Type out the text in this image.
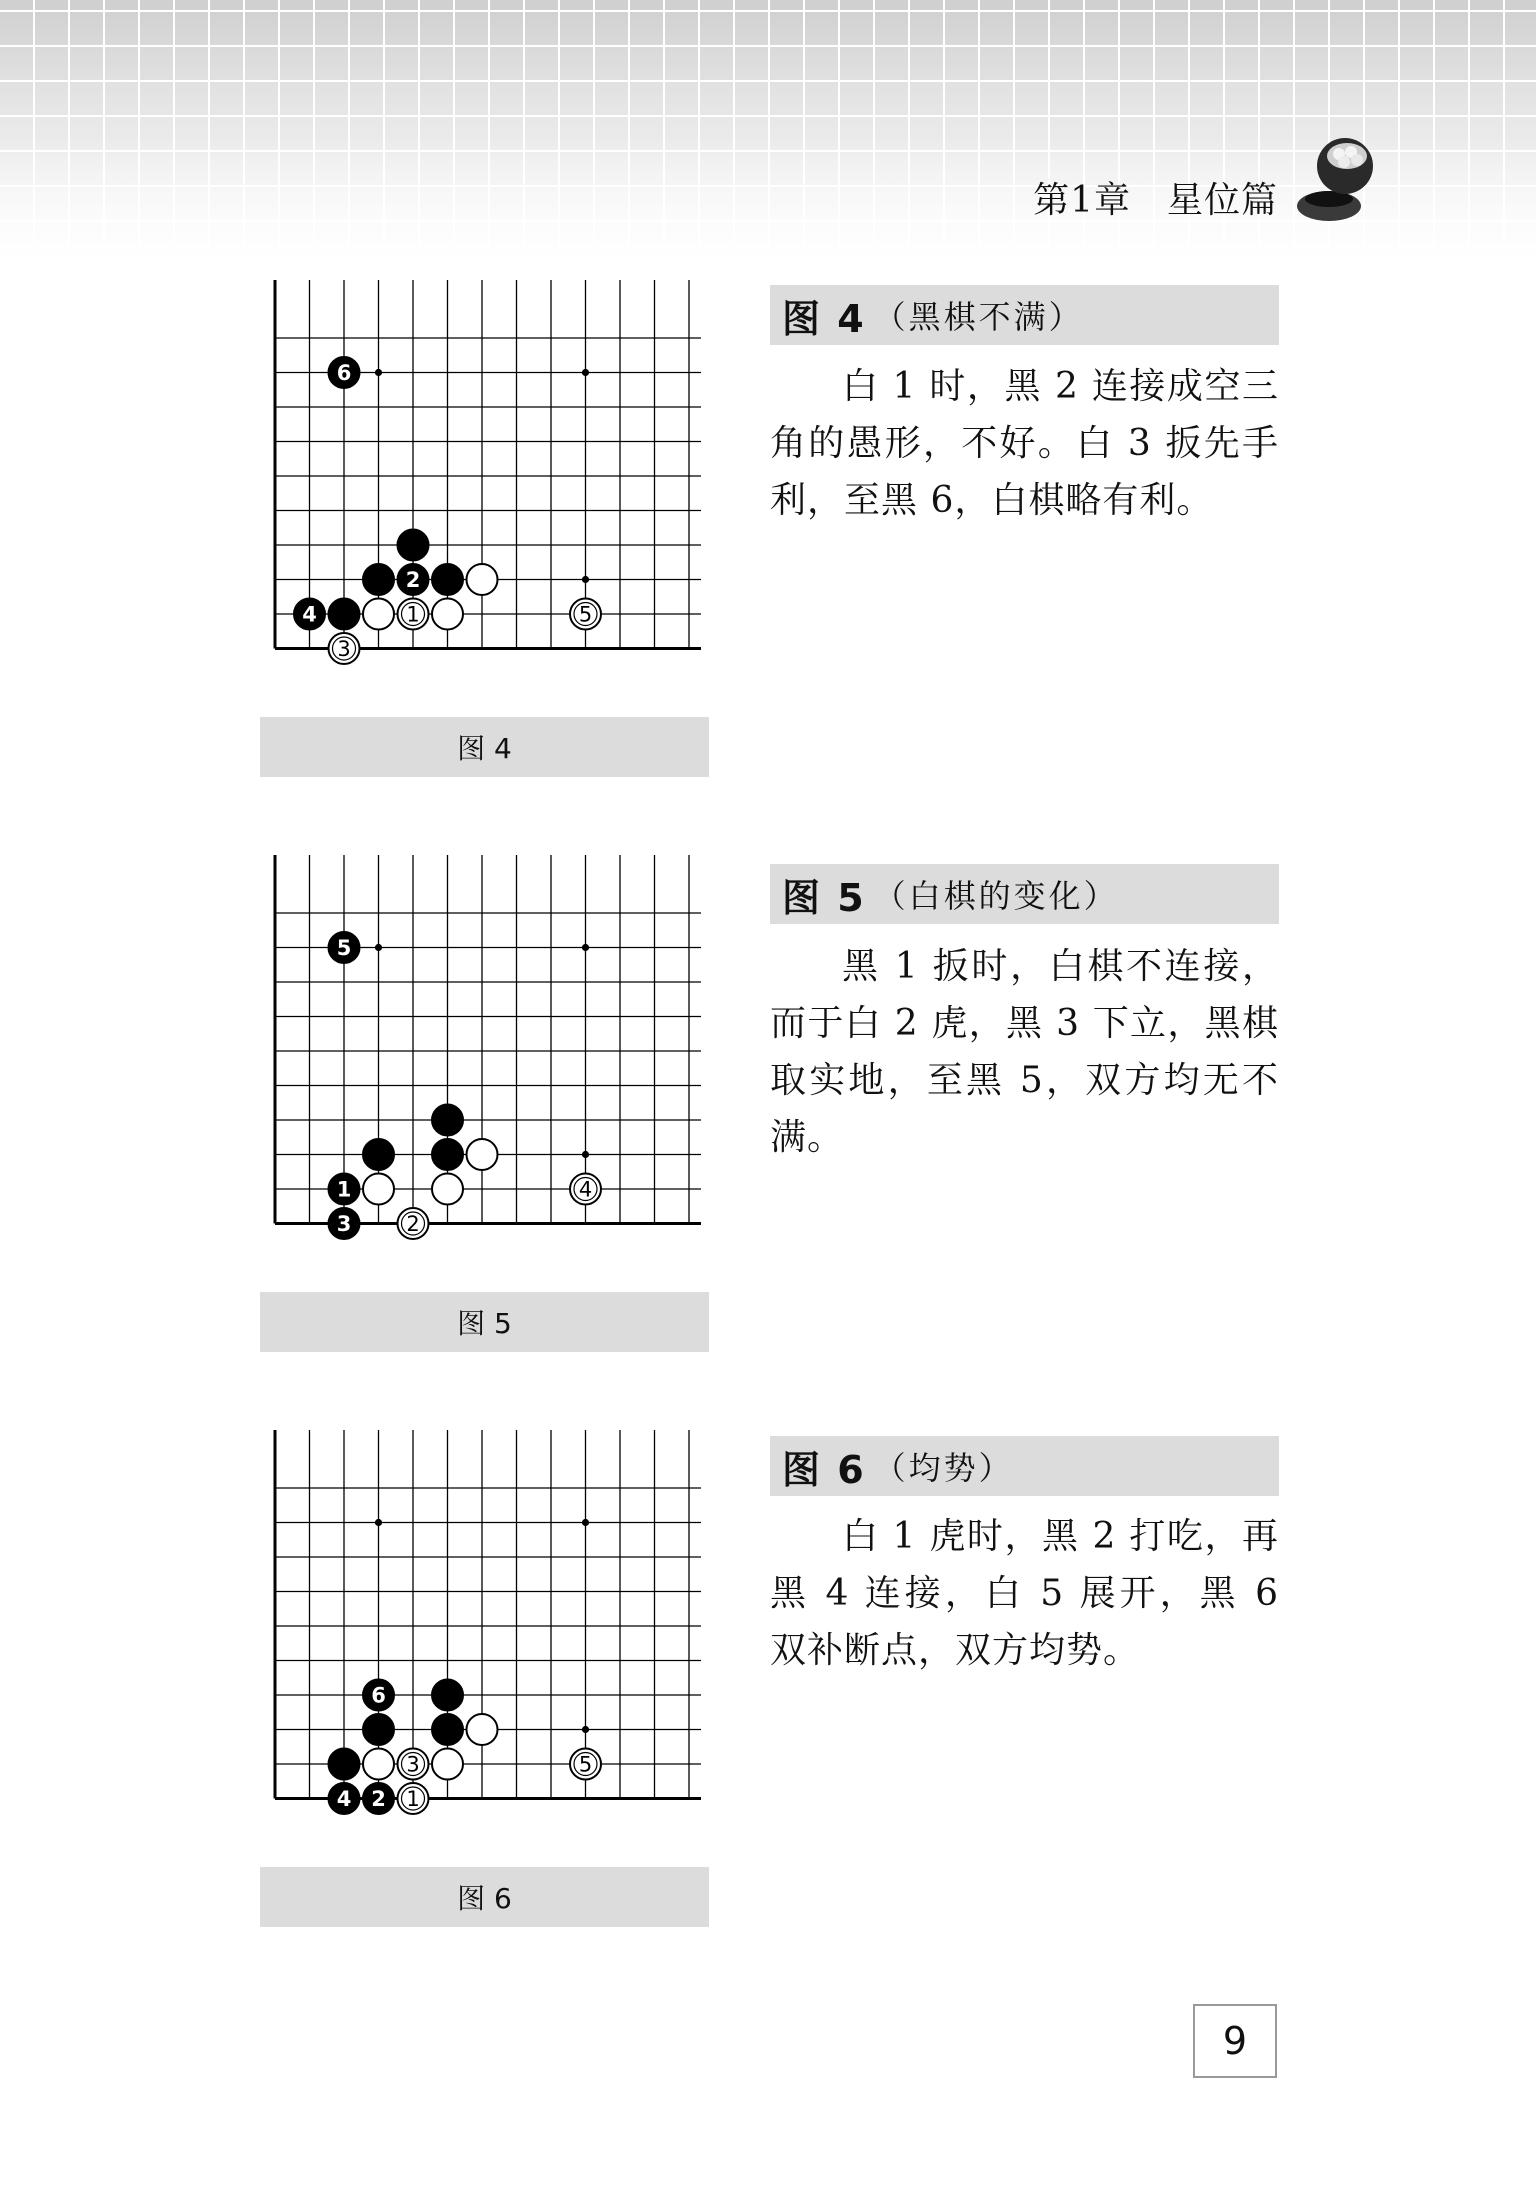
第1章 星位篇
6
2
4	1	5
3
图 4
图 4 （黑棋不满）
白 1 时，黑 2 连接成空三角的愚形，不好。白 3 扳先手利，至黑 6，白棋略有利。
5
1	4
3	2
图 5
图 5 （白棋的变化）
黑 1 扳时，白棋不连接，而于白 2 虎，黑 3 下立，黑棋取实地，至黑 5，双方均无不满。
6
3	5
4 2 1
图 6
图 6 （均势）
白 1 虎时，黑 2 打吃，再黑 4 连接，白 5 展开，黑 6 双补断点，双方均势。
9
